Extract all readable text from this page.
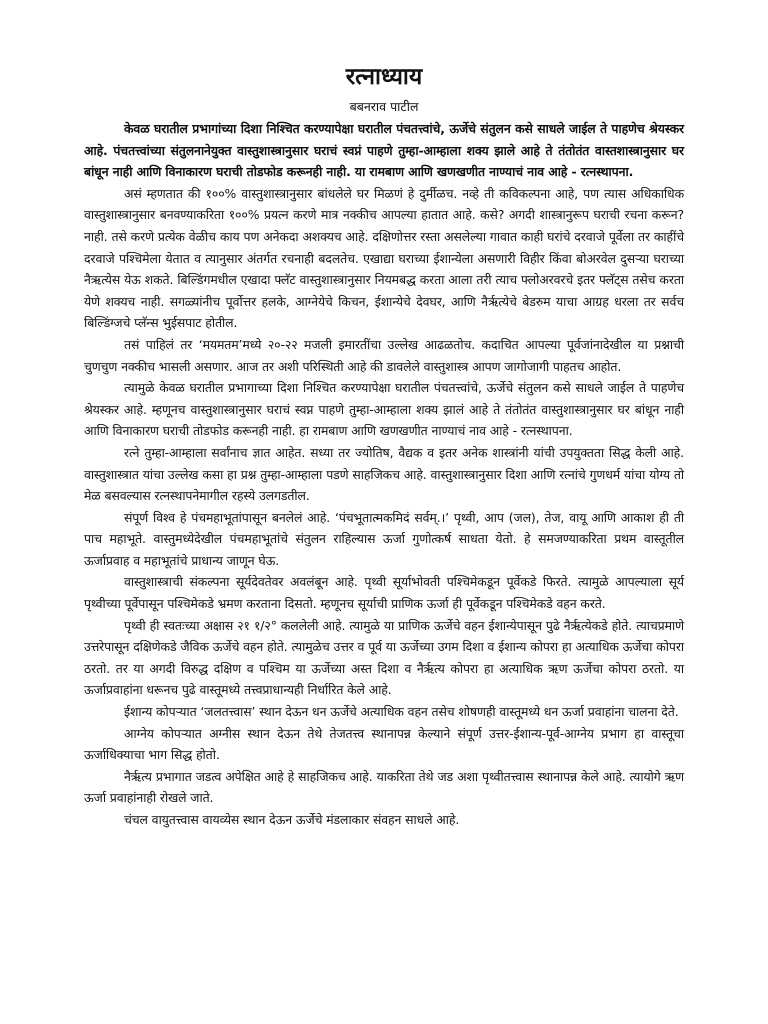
रत्नाध्याय
बबनराव पाटील

केवळ घरातील प्रभागांच्या दिशा निश्चित करण्यापेक्षा घरातील पंचतत्त्वांचे, ऊर्जेचे संतुलन कसे साधले जाईल ते पाहणेच श्रेयस्कर आहे. पंचतत्त्वांच्या संतुलनानेयुक्त वास्तुशास्त्रानुसार घराचं स्वप्नं पाहणे तुम्हा-आम्हाला शक्य झाले आहे ते तंतोतंत वास्तशास्त्रानुसार घर बांधून नाही आणि विनाकारण घराची तोडफोड करूनही नाही. या रामबाण आणि खणखणीत नाण्याचं नाव आहे - रत्नस्थापना.

असं म्हणतात की १००% वास्तुशास्त्रानुसार बांधलेले घर मिळणं हे दुर्मीळच. नव्हे ती कविकल्पना आहे, पण त्यास अधिकाधिक वास्तुशास्त्रानुसार बनवण्याकरिता १००% प्रयत्न करणे मात्र नक्कीच आपल्या हातात आहे. कसे? अगदी शास्त्रानुरूप घराची रचना करून? नाही. तसे करणे प्रत्येक वेळीच काय पण अनेकदा अशक्यच आहे. दक्षिणोत्तर रस्ता असलेल्या गावात काही घरांचे दरवाजे पूर्वेला तर काहींचे दरवाजे पश्चिमेला येतात व त्यानुसार अंतर्गत रचनाही बदलतेच. एखाद्या घराच्या ईशान्येला असणारी विहीर किंवा बोअरवेल दुसऱ्या घराच्या नैऋत्येस येऊ शकते. बिल्डिंगमधील एखादा फ्लॅट वास्तुशास्त्रानुसार नियमबद्ध करता आला तरी त्याच फ्लोअरवरचे इतर फ्लॅट्स तसेच करता येणे शक्यच नाही. सगळ्यांनीच पूर्वोत्तर हलके, आग्नेयेचे किचन, ईशान्येचे देवघर, आणि नैर्ऋत्येचे बेडरुम याचा आग्रह धरला तर सर्वच बिल्डिंग्जचे प्लॅन्स भुईसपाट होतील.

तसं पाहिलं तर ‘मयमतम’मध्ये २०-२२ मजली इमारतींचा उल्लेख आढळतोच. कदाचित आपल्या पूर्वजांनादेखील या प्रश्नाची चुणचुण नक्कीच भासली असणार. आज तर अशी परिस्थिती आहे की डावलेले वास्तुशास्त्र आपण जागोजागी पाहतच आहोत.

त्यामुळे केवळ घरातील प्रभागाच्या दिशा निश्चित करण्यापेक्षा घरातील पंचतत्त्वांचे, ऊर्जेचे संतुलन कसे साधले जाईल ते पाहणेच श्रेयस्कर आहे. म्हणूनच वास्तुशास्त्रानुसार घराचं स्वप्न पाहणे तुम्हा-आम्हाला शक्य झालं आहे ते तंतोतंत वास्तुशास्त्रानुसार घर बांधून नाही आणि विनाकारण घराची तोडफोड करूनही नाही. हा रामबाण आणि खणखणीत नाण्याचं नाव आहे - रत्नस्थापना.

रत्ने तुम्हा-आम्हाला सर्वांनाच ज्ञात आहेत. सध्या तर ज्योतिष, वैद्यक व इतर अनेक शास्त्रांनी यांची उपयुक्तता सिद्ध केली आहे. वास्तुशास्त्रात यांचा उल्लेख कसा हा प्रश्न तुम्हा-आम्हाला पडणे साहजिकच आहे. वास्तुशास्त्रानुसार दिशा आणि रत्नांचे गुणधर्म यांचा योग्य तो मेळ बसवल्यास रत्नस्थापनेमागील रहस्ये उलगडतील.

संपूर्ण विश्व हे पंचमहाभूतांपासून बनलेलं आहे. ‘पंचभूतात्मकमिदं सर्वम्.।’ पृथ्वी, आप (जल), तेज, वायू आणि आकाश ही ती पाच महाभूते. वास्तुमध्येदेखील पंचमहाभूतांचे संतुलन राहिल्यास ऊर्जा गुणोत्कर्ष साधता येतो. हे समजण्याकरिता प्रथम वास्तूतील ऊर्जाप्रवाह व महाभूतांचे प्राधान्य जाणून घेऊ.

वास्तुशास्त्राची संकल्पना सूर्यदेवतेवर अवलंबून आहे. पृथ्वी सूर्याभोवती पश्चिमेकडून पूर्वेकडे फिरते. त्यामुळे आपल्याला सूर्य पृथ्वीच्या पूर्वेपासून पश्चिमेकडे भ्रमण करताना दिसतो. म्हणूनच सूर्याची प्राणिक ऊर्जा ही पूर्वेकडून पश्चिमेकडे वहन करते.

पृथ्वी ही स्वतःच्या अक्षास २१ १/२° कललेली आहे. त्यामुळे या प्राणिक ऊर्जेचे वहन ईशान्येपासून पुढे नैर्ऋत्येकडे होते. त्याचप्रमाणे उत्तरेपासून दक्षिणेकडे जैविक ऊर्जेचे वहन होते. त्यामुळेच उत्तर व पूर्व या ऊर्जेच्या उगम दिशा व ईशान्य कोपरा हा अत्याधिक ऊर्जेचा कोपरा ठरतो. तर या अगदी विरुद्ध दक्षिण व पश्चिम या ऊर्जेच्या अस्त दिशा व नैर्ऋत्य कोपरा हा अत्याधिक ऋण ऊर्जेचा कोपरा ठरतो. या ऊर्जाप्रवाहांना धरूनच पुढे वास्तूमध्ये तत्त्वप्राधान्यही निर्धारित केले आहे.

ईशान्य कोपऱ्यात ‘जलतत्त्वास’ स्थान देऊन धन ऊर्जेचे अत्याधिक वहन तसेच शोषणही वास्तूमध्ये धन ऊर्जा प्रवाहांना चालना देते.

आग्नेय कोपऱ्यात अग्नीस स्थान देऊन तेथे तेजतत्त्व स्थानापन्न केल्याने संपूर्ण उत्तर-ईशान्य-पूर्व-आग्नेय प्रभाग हा वास्तूचा ऊर्जाधिक्याचा भाग सिद्ध होतो.

नैर्ऋत्य प्रभागात जडत्व अपेक्षित आहे हे साहजिकच आहे. याकरिता तेथे जड अशा पृथ्वीतत्त्वास स्थानापन्न केले आहे. त्यायोगे ऋण ऊर्जा प्रवाहांनाही रोखले जाते.

चंचल वायुतत्त्वास वायव्येस स्थान देऊन ऊर्जेचे मंडलाकार संवहन साधले आहे.
